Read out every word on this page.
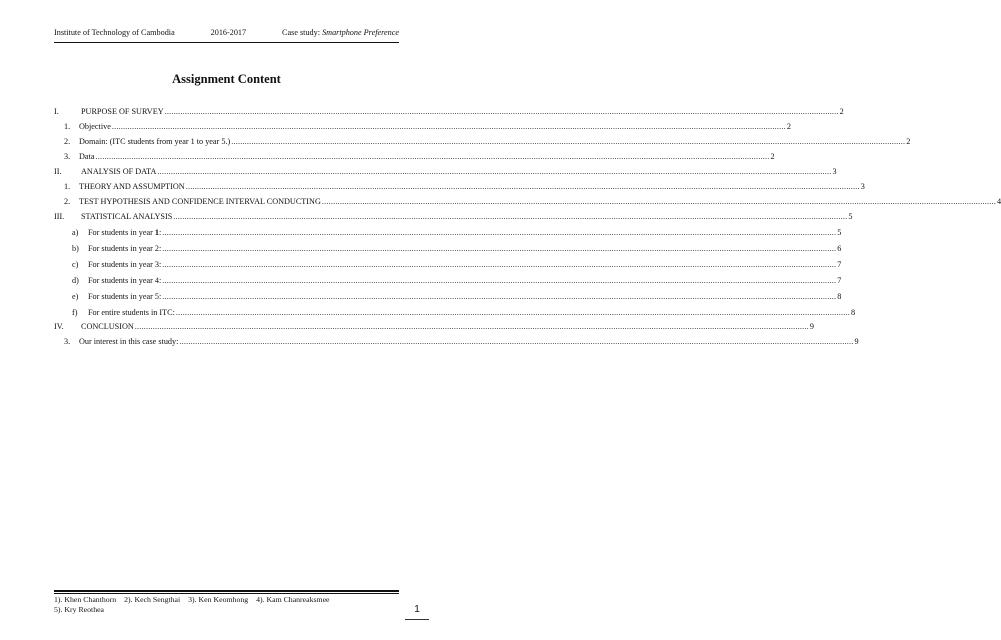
Institute of Technology of Cambodia	2016-2017	Case study: Smartphone Preference
Assignment Content
I.	PURPOSE OF SURVEY ............................................................................................................................................................................................................................................................................................................ 2
1. Objective ............................................................................................................................................................................................................................................................................................................ 2
2. Domain: (ITC students from year 1 to year 5.) ............................................................................................................................................................................................................................................................................................................ 2
3. Data ............................................................................................................................................................................................................................................................................................................ 2
II.	ANALYSIS OF DATA ............................................................................................................................................................................................................................................................................................................ 3
1. THEORY AND ASSUMPTION ............................................................................................................................................................................................................................................................................................................ 3
2. TEST HYPOTHESIS AND CONFIDENCE INTERVAL CONDUCTING ............................................................................................................................................................................................................................................................................................................ 4
III.	STATISTICAL ANALYSIS ............................................................................................................................................................................................................................................................................................................ 5
a) For students in year 1: ............................................................................................................................................................................................................................................................................................................ 5
b) For students in year 2: ............................................................................................................................................................................................................................................................................................................ 6
c) For students in year 3: ............................................................................................................................................................................................................................................................................................................ 7
d) For students in year 4: ............................................................................................................................................................................................................................................................................................................ 7
e) For students in year 5: ............................................................................................................................................................................................................................................................................................................ 8
f) For entire students in ITC: ............................................................................................................................................................................................................................................................................................................ 8
IV.	CONCLUSION ............................................................................................................................................................................................................................................................................................................ 9
3. Our interest in this case study: ............................................................................................................................................................................................................................................................................................................ 9
1). Khen Chanthorn 2). Kech Sengthai 3). Ken Keomhong 4). Kam Chanreaksmee
5). Kry Reothea	1
